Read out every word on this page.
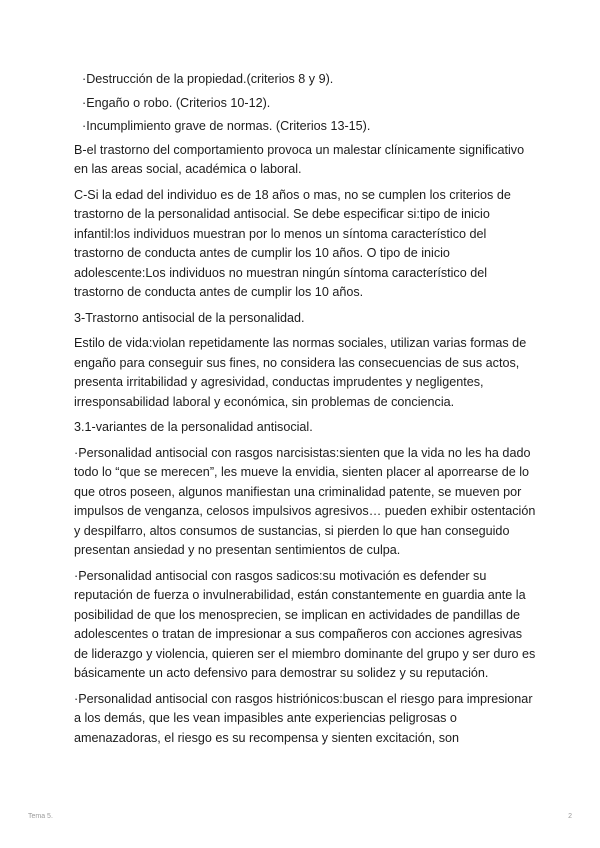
·Destrucción de la propiedad.(criterios 8 y 9).
·Engaño o robo. (Criterios 10-12).
·Incumplimiento grave de normas. (Criterios 13-15).

B-el trastorno del comportamiento provoca un malestar clínicamente significativo en las areas social, académica o laboral.

C-Si la edad del individuo es de 18 años o mas, no se cumplen los criterios de trastorno de la personalidad antisocial. Se debe especificar si:tipo de inicio infantil:los individuos muestran por lo menos un síntoma característico del trastorno de conducta antes de cumplir los 10 años. O tipo de inicio adolescente:Los individuos no muestran ningún síntoma característico del trastorno de conducta antes de cumplir los 10 años.

3-Trastorno antisocial de la personalidad.

Estilo de vida:violan repetidamente las normas sociales, utilizan varias formas de engaño para conseguir sus fines, no considera las consecuencias de sus actos, presenta irritabilidad y agresividad, conductas imprudentes y negligentes, irresponsabilidad laboral y económica, sin problemas de conciencia.

3.1-variantes de la personalidad antisocial.

·Personalidad antisocial con rasgos narcisistas:sienten que la vida no les ha dado todo lo “que se merecen”, les mueve la envidia, sienten placer al aporrearse de lo que otros poseen, algunos manifiestan una criminalidad patente, se mueven por impulsos de venganza, celosos impulsivos agresivos… pueden exhibir ostentación y despilfarro, altos consumos de sustancias, si pierden lo que han conseguido presentan ansiedad y no presentan sentimientos de culpa.

·Personalidad antisocial con rasgos sadicos:su motivación es defender su reputación de fuerza o invulnerabilidad, están constantemente en guardia ante la posibilidad de que los menosprecien, se implican en actividades de pandillas de adolescentes o tratan de impresionar a sus compañeros con acciones agresivas de liderazgo y violencia, quieren ser el miembro dominante del grupo y ser duro es básicamente un acto defensivo para demostrar su solidez y su reputación.

·Personalidad antisocial con rasgos histriónicos:buscan el riesgo para impresionar a los demás, que les vean impasibles ante experiencias peligrosas o amenazadoras, el riesgo es su recompensa y sienten excitación, son

Tema 5.	2
